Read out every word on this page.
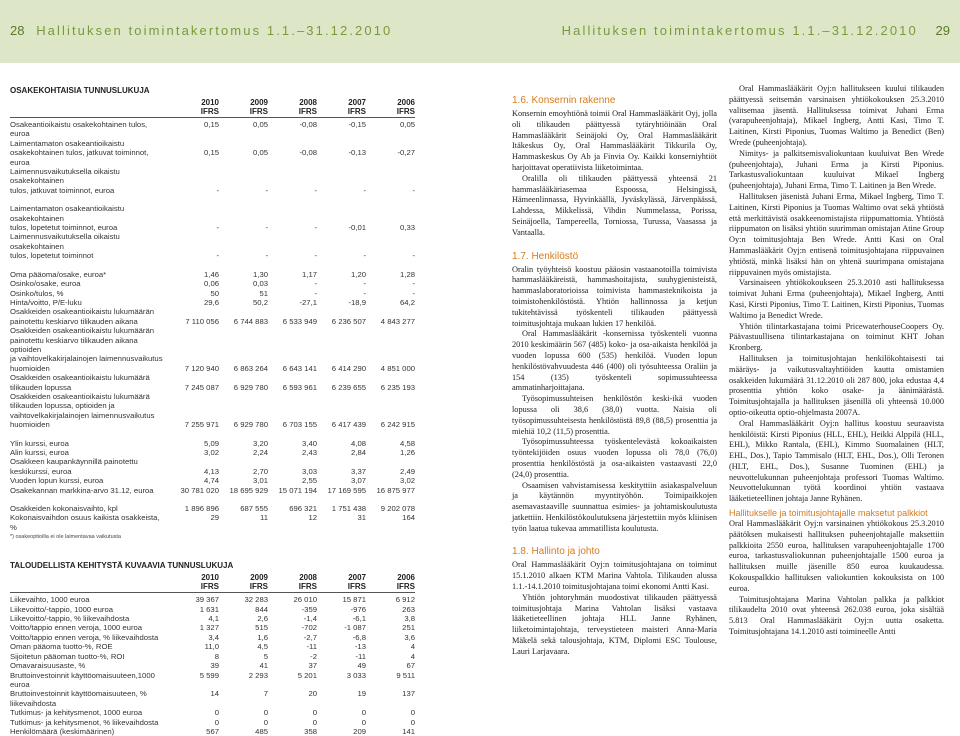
28 Hallituksen toimintakertomus 1.1.–31.12.2010	Hallituksen toimintakertomus 1.1.–31.12.2010 29
OSAKEKOHTAISIA TUNNUSLUKUJA
2010	2009	2008	2007	2006
IFRS	IFRS	IFRS	IFRS	IFRS
Osakeantioikaistu osakekohtainen tulos, euroa
0,15	0,05	-0,08	-0,15	0,05
Laimentamaton osakeantioikaistu
osakekohtainen tulos, jatkuvat toiminnot, euroa
0,15	0,05	-0,08	-0,13	-0,27
Laimennusvaikutuksella oikaistu osakekohtainen
tulos, jatkuvat toiminnot, euroa	-	-	-	-	-
Laimentamaton osakeantioikaistu osakekohtainen
tulos, lopetetut toiminnot, euroa	-	-	-	-0,01	0,33
Laimennusvaikutuksella oikaistu osakekohtainen
tulos, lopetetut toiminnot	-	-	-	-	-
Oma pääoma/osake, euroa*	1,46	1,30	1,17	1,20	1,28
Osinko/osake, euroa	0,06	0,03	-	-	-
Osinko/tulos, %	50	51	-	-	-
Hinta/voitto, P/E-luku	29,6	50,2	-27,1	-18,9	64,2
Osakkeiden osakeantioikaistu lukumäärän
painotettu keskiarvo tilikauden aikana	7 110 056	6 744 883	6 533 949	6 236 507	4 843 277
Osakkeiden osakeantioikaistu lukumäärän
painotettu keskiarvo tilikauden aikana optioiden
ja vaihtovelkakirjalainojen laimennusvaikutus
huomioiden	7 120 940	6 863 264	6 643 141	6 414 290	4 851 000
Osakkeiden osakeantioikaistu lukumäärä
tilikauden lopussa	7 245 087	6 929 780	6 593 961	6 239 655	6 235 193
Osakkeiden osakeantioikaistu lukumäärä
tilikauden lopussa, optioiden ja
vaihtovelkakirjalainojen laimennusvaikutus
huomioiden	7 255 971	6 929 780	6 703 155	6 417 439	6 242 915
Ylin kurssi, euroa	5,09	3,20	3,40	4,08	4,58
Alin kurssi, euroa	3,02	2,24	2,43	2,84	1,26
Osakkeen kaupankäynnillä painotettu
keskikurssi, euroa	4,13	2,70	3,03	3,37	2,49
Vuoden lopun kurssi, euroa	4,74	3,01	2,55	3,07	3,02
Osakekannan markkina-arvo 31.12, euroa	30 781 020	18 695 929	15 071 194	17 169 595	16 875 977
Osakkeiden kokonaisvaihto, kpl	1 896 896	687 555	696 321	1 751 438	9 202 078
Kokonaisvaihdon osuus kaikista osakkeista, %
29	11	12	31	164
*) osakeoptioilla ei ole laimentavaa vaikutusta
TALOUDELLISTA KEHITYSTÄ KUVAAVIA TUNNUSLUKUJA
2010	2009	2008	2007	2006
IFRS	IFRS	IFRS	IFRS	IFRS
Liikevaihto, 1000 euroa	39 367	32 283	26 010	15 871	6 912
Liikevoitto/-tappio, 1000 euroa	1 631	844	-359	-976	263
Liikevoitto/-tappio, % liikevaihdosta	4,1	2,6	-1,4	-6,1	3,8
Voitto/tappio ennen veroja, 1000 euroa	1 327	515	-702	-1 087	251
Voitto/tappio ennen veroja, % liikevaihdosta	3,4	1,6	-2,7	-6,8	3,6
Oman pääoma tuotto-%, ROE	11,0	4,5	-11	-13	4
Sijoitetun pääoman tuotto-%, ROI	8	5	-2	-11	4
Omavaraisuusaste, %	39	41	37	49	67
Bruttoinvestoinnit käyttöomaisuuteen,1000 euroa
5 599	2 293	5 201	3 033	9 511
Bruttoinvestoinnit käyttöomaisuuteen, % liikevaihdosta
14	7	20	19	137
Tutkimus- ja kehitysmenot, 1000 euroa	0	0	0	0	0
Tutkimus- ja kehitysmenot, % liikevaihdosta	0	0	0	0	0
Henkilömäärä (keskimäärinen)	567	485	358	209	141
1.6. Konsernin rakenne

Konsernin emoyhtiönä toimii Oral Hammaslääkärit Oyj, jolla oli tilikauden päättyessä tytäryhtiöinään Oral Hammaslääkärit Seinäjoki Oy, Oral Hammaslääkärit Itäkeskus Oy, Oral Hammaslääkärit Tikkurila Oy, Hammaskeskus Oy Ab ja Finvia Oy. Kaikki konserniyhtiöt harjoittavat operatiivista liiketoimintaa.

Oralilla oli tilikauden päättyessä yhteensä 21 hammaslääkäriasemaa Espoossa, Helsingissä, Hämeenlinnassa, Hyvinkäällä, Jyväskylässä, Järvenpäässä, Lahdessa, Mikkelissä, Vihdin Nummelassa, Porissa, Seinäjoella, Tampereella, Torniossa, Turussa, Vaasassa ja Vantaalla.

1.7. Henkilöstö

Oralin työyhteisö koostuu pääosin vastaanotoilla toimivista hammaslääkäreistä, hammashoitajista, suuhygienisteistä, hammaslaboratorioissa toimivista hammasteknikoista ja toimistohenkilöstöstä. Yhtiön hallinnossa ja ketjun tukitehtävissä työskenteli tilikauden päättyessä toimitusjohtaja mukaan lukien 17 henkilöä.

Oral Hammaslääkärit -konsernissa työskenteli vuonna 2010 keskimäärin 567 (485) koko- ja osa-aikaista henkilöä ja vuoden lopussa 600 (535) henkilöä. Vuoden lopun henkilöstövahvuudesta 446 (400) oli työsuhteessa Oraliin ja 154 (135) työskenteli sopimussuhteessa ammatinharjoittajana.

Työsopimussuhteisen henkilöstön keski-ikä vuoden lopussa oli 38,6 (38,0) vuotta. Naisia oli työsopimussuhteisesta henkilöstöstä 89,8 (88,5) prosenttia ja miehiä 10,2 (11,5) prosenttia.

Työsopimussuhteessa työskentelevästä kokoaikaisten työntekijöiden osuus vuoden lopussa oli 78,0 (76,0) prosenttia henkilöstöstä ja osa-aikaisten vastaavasti 22,0 (24,0) prosenttia.

Osaamisen vahvistamisessa keskityttiin asiakaspalveluun ja käytännön myyntityöhön. Toimipaikkojen asemavastaaville suunnattua esimies- ja johtamiskoulutusta jatkettiin. Henkilöstökoulutuksena järjestettiin myös kliinisen työn laatua tukevaa ammatillista koulutusta.

1.8. Hallinto ja johto

Oral Hammaslääkärit Oyj:n toimitusjohtajana on toiminut 15.1.2010 alkaen KTM Marina Vahtola. Tilikauden alussa 1.1.-14.1.2010 toimitusjohtajana toimi ekonomi Antti Kasi.

Yhtiön johtoryhmän muodostivat tilikauden päättyessä toimitusjohtaja Marina Vahtolan lisäksi vastaava lääketieteellinen johtaja HLL Janne Ryhänen, liiketoimintajohtaja, terveystieteen maisteri Anna-Maria Mäkelä sekä talousjohtaja, KTM, Diplomi ESC Toulouse, Lauri Larjavaara.

Oral Hammaslääkärit Oyj:n hallitukseen kuului tilikauden päättyessä seitsemän varsinaisen yhtiökokouksen 25.3.2010 valitsemaa jäsentä. Hallituksessa toimivat Juhani Erma (varapuheenjohtaja), Mikael Ingberg, Antti Kasi, Timo T. Laitinen, Kirsti Piponius, Tuomas Waltimo ja Benedict (Ben) Wrede (puheenjohtaja).

Nimitys- ja palkitsemisvaliokuntaan kuuluivat Ben Wrede (puheenjohtaja), Juhani Erma ja Kirsti Piponius. Tarkastusvaliokuntaan kuuluivat Mikael Ingberg (puheenjohtaja), Juhani Erma, Timo T. Laitinen ja Ben Wrede.

Hallituksen jäsenistä Juhani Erma, Mikael Ingberg, Timo T. Laitinen, Kirsti Piponius ja Tuomas Waltimo ovat sekä yhtiöstä että merkittävistä osakkeenomistajista riippumattomia. Yhtiöstä riippumaton on lisäksi yhtiön suurimman omistajan Atine Group Oy:n toimitusjohtaja Ben Wrede. Antti Kasi on Oral Hammaslääkärit Oyj:n entisenä toimitusjohtajana riippuvainen yhtiöstä, minkä lisäksi hän on yhtenä suurimpana omistajana riippuvainen myös omistajista.

Varsinaiseen yhtiökokoukseen 25.3.2010 asti hallituksessa toimivat Juhani Erma (puheenjohtaja), Mikael Ingberg, Antti Kasi, Kirsti Piponius, Timo T. Laitinen, Kirsti Piponius, Tuomas Waltimo ja Benedict Wrede.

Yhtiön tilintarkastajana toimi PricewaterhouseCoopers Oy. Päävastuullisena tilintarkastajana on toiminut KHT Johan Kronberg.

Hallituksen ja toimitusjohtajan henkilökohtaisesti tai määräys- ja vaikutusvaltayhtiöiden kautta omistamien osakkeiden lukumäärä 31.12.2010 oli 287 800, joka edustaa 4,4 prosenttia yhtiön koko osake- ja äänimäärästä. Toimitusjohtajalla ja hallituksen jäsenillä oli yhteensä 10.000 optio-oikeutta optio-ohjelmasta 2007A.

Oral Hammaslääkärit Oyj:n hallitus koostuu seuraavista henkilöistä: Kirsti Piponius (HLL, EHL), Heikki Alppilä (HLL, EHL), Mikko Rantala, (EHL), Kimmo Suomalainen (HLT, EHL, Dos.), Tapio Tammisalo (HLT, EHL, Dos.), Olli Teronen (HLT, EHL, Dos.), Susanne Tuominen (EHL) ja neuvottelukunnan puheenjohtaja professori Tuomas Waltimo. Neuvottelukunnan työtä koordinoi yhtiön vastaava lääketieteellinen johtaja Janne Ryhänen.

Hallitukselle ja toimitusjohtajalle maksetut palkkiot

Oral Hammaslääkärit Oyj:n varsinainen yhtiökokous 25.3.2010 päätöksen mukaisesti hallituksen puheenjohtajalle maksettiin palkkioita 2550 euroa, hallituksen varapuheenjohtajalle 1700 euroa, tarkastusvaliokunnan puheenjohtajalle 1500 euroa ja hallituksen muille jäsenille 850 euroa kuukaudessa. Kokouspalkkio hallituksen valiokuntien kokouksista on 100 euroa.

Toimitusjohtajana Marina Vahtolan palkka ja palkkiot tilikaudelta 2010 ovat yhteensä 262.038 euroa, joka sisältää 5.813 Oral Hammaslääkärit Oyj:n uutta osaketta. Toimitusjohtajana 14.1.2010 asti toimineelle Antti
